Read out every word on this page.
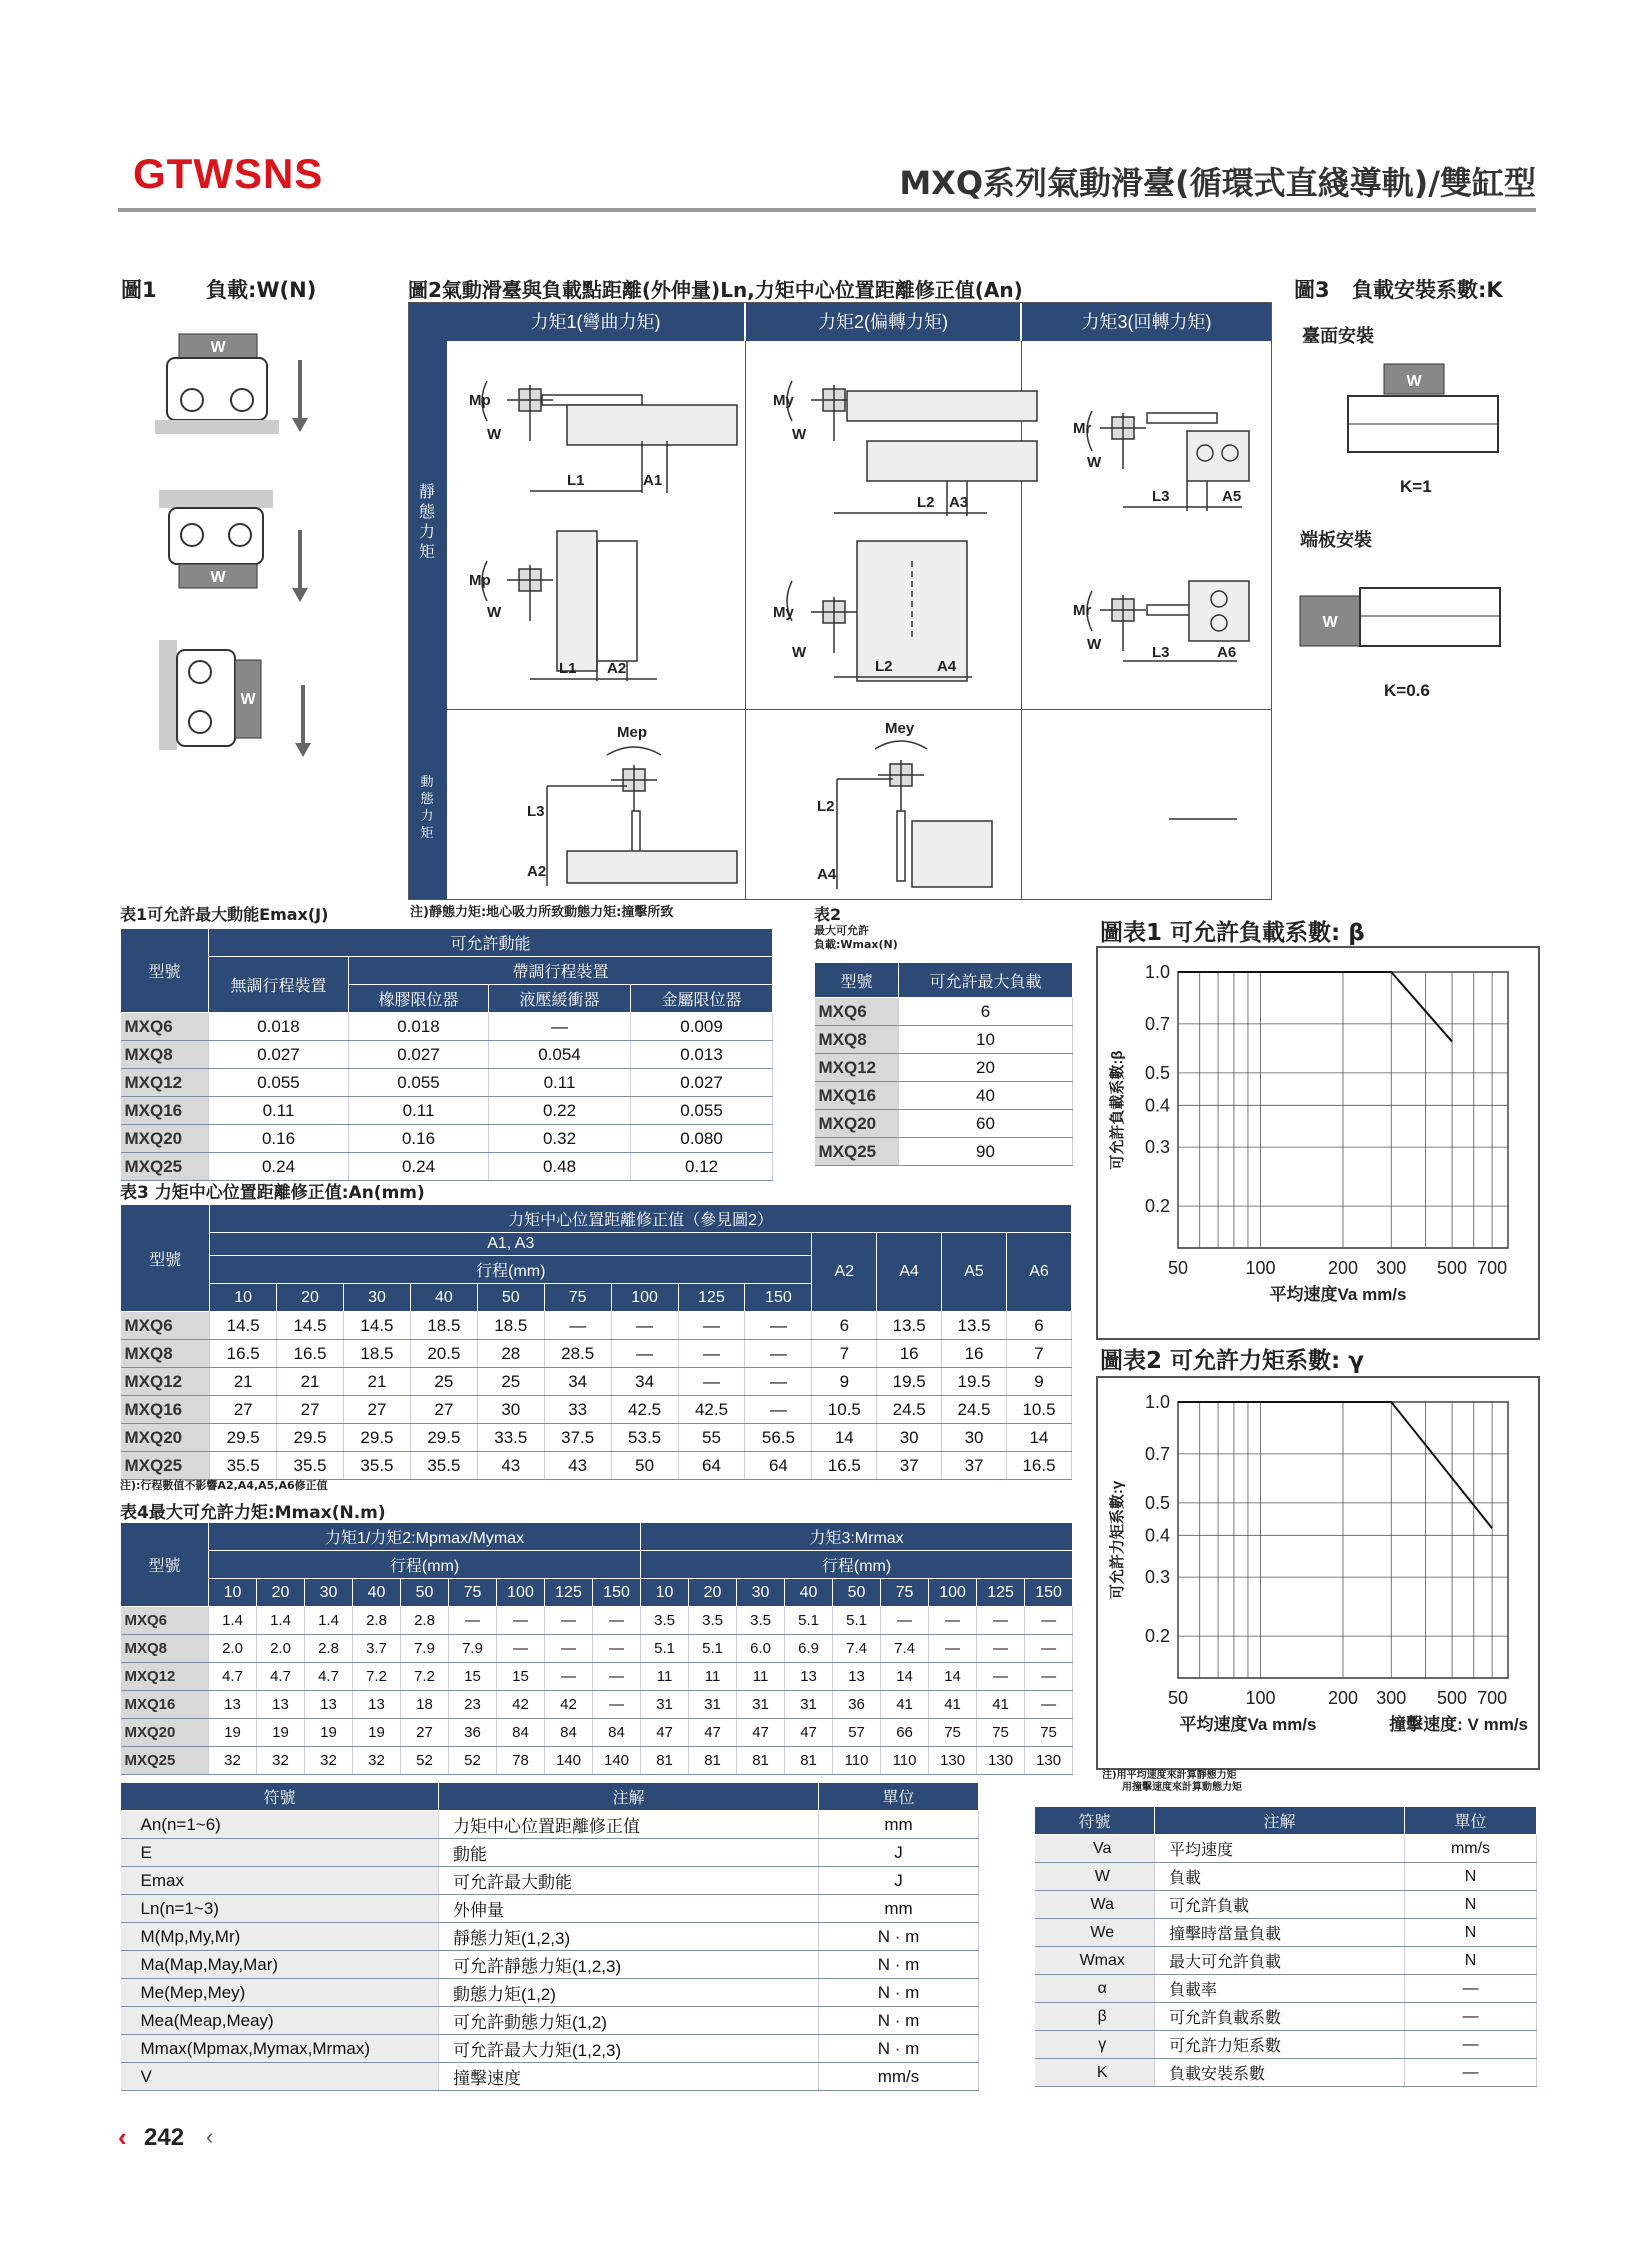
GTWSNS	MXQ系列氣動滑臺(循環式直綫導軌)/雙缸型
圖1 負載:W(N)
W
W
W
圖2氣動滑臺與負載點距離(外伸量)Ln,力矩中心位置距離修正值(An)
力矩1(彎曲力矩)	力矩2(偏轉力矩)	力矩3(回轉力矩)
靜態力矩
動態力矩
Mp
W
L1	A1
Mp
W
L1 A2
My
W
L2 A3
My
W
L2	A4
Mr
W
L3	A5
Mr
W	L3	A6
Mep
L3
A2
Mey
L2
A4
圖3 負載安裝系數:K
臺面安裝
端板安裝
W
K=1
W
K=0.6
表1可允許最大動能Emax(J)	注)靜態力矩:地心吸力所致動態力矩:撞擊所致
型號	可允許動能			
	無調行程裝置	帶調行程裝置		
		橡膠限位器	液壓緩衝器	金屬限位器
MXQ6	0.018	0.018	—	0.009
MXQ8	0.027	0.027	0.054	0.013
MXQ12	0.055	0.055	0.11	0.027
MXQ16	0.11	0.11	0.22	0.055
MXQ20	0.16	0.16	0.32	0.080
MXQ25	0.24	0.24	0.48	0.12
表2
最大可允許
負載:Wmax(N)
型號	可允許最大負載
MXQ6	6
MXQ8	10
MXQ12	20
MXQ16	40
MXQ20	60
MXQ25	90
表3 力矩中心位置距離修正值:An(mm)
型號	力矩中心位置距離修正值（參見圖2）												
	A1, A3									A2	A4	A5	A6
	行程(mm)												
	10	20	30	40	50	75	100	125	150				
MXQ6	14.5	14.5	14.5	18.5	18.5	—	—	—	—	6	13.5	13.5	6
MXQ8	16.5	16.5	18.5	20.5	28	28.5	—	—	—	7	16	16	7
MXQ12	21	21	21	25	25	34	34	—	—	9	19.5	19.5	9
MXQ16	27	27	27	27	30	33	42.5	42.5	—	10.5	24.5	24.5	10.5
MXQ20	29.5	29.5	29.5	29.5	33.5	37.5	53.5	55	56.5	14	30	30	14
MXQ25	35.5	35.5	35.5	35.5	43	43	50	64	64	16.5	37	37	16.5
注):行程數值不影響A2,A4,A5,A6修正值
表4最大可允許力矩:Mmax(N.m)
型號	力矩1/力矩2:Mpmax/Mymax									力矩3:Mrmax								
	行程(mm)									行程(mm)								
	10	20	30	40	50	75	100	125	150	10	20	30	40	50	75	100	125	150
MXQ6	1.4	1.4	1.4	2.8	2.8	—	—	—	—	3.5	3.5	3.5	5.1	5.1	—	—	—	—
MXQ8	2.0	2.0	2.8	3.7	7.9	7.9	—	—	—	5.1	5.1	6.0	6.9	7.4	7.4	—	—	—
MXQ12	4.7	4.7	4.7	7.2	7.2	15	15	—	—	11	11	11	13	13	14	14	—	—
MXQ16	13	13	13	13	18	23	42	42	—	31	31	31	31	36	41	41	41	—
MXQ20	19	19	19	19	27	36	84	84	84	47	47	47	47	57	66	75	75	75
MXQ25	32	32	32	32	52	52	78	140	140	81	81	81	81	110	110	130	130	130
圖表1 可允許負載系數: β
0.2
0.3
0.4
0.5
0.7
1.0
50	100	200 300 500 700
平均速度Va mm/s
可允許負載系數:β
圖表2 可允許力矩系數: γ
0.2
0.3
0.4
0.5
0.7
1.0
50	100	200 300 500 700
平均速度Va mm/s	撞擊速度: V mm/s
可允許力矩系數:γ
符號	注解	單位
An(n=1~6)	力矩中心位置距離修正值	mm
E	動能	J
Emax	可允許最大動能	J
Ln(n=1~3)	外伸量	mm
M(Mp,My,Mr)	靜態力矩(1,2,3)	N · m
Ma(Map,May,Mar)	可允許靜態力矩(1,2,3)	N · m
Me(Mep,Mey)	動態力矩(1,2)	N · m
Mea(Meap,Meay)	可允許動態力矩(1,2)	N · m
Mmax(Mpmax,Mymax,Mrmax)	可允許最大力矩(1,2,3)	N · m
V	撞擊速度	mm/s
注)用平均速度來計算靜態力矩
用撞擊速度來計算動態力矩
符號	注解	單位
Va	平均速度	mm/s
W	負載	N
Wa	可允許負載	N
We	撞擊時當量負載	N
Wmax	最大可允許負載	N
α	負載率	—
β	可允許負載系數	—
γ	可允許力矩系數	—
K	負載安裝系數	—
‹ 242 ‹
